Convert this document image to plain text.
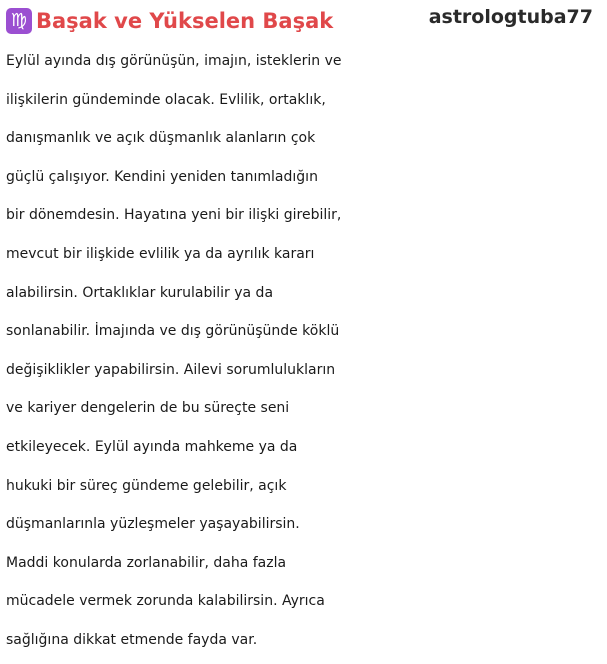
♍ Başak ve Yükselen Başak	astrologtuba77
Eylül ayında dış görünüşün, imajın, isteklerin ve
ilişkilerin gündeminde olacak. Evlilik, ortaklık,
danışmanlık ve açık düşmanlık alanların çok
güçlü çalışıyor. Kendini yeniden tanımladığın
bir dönemdesin. Hayatına yeni bir ilişki girebilir,
mevcut bir ilişkide evlilik ya da ayrılık kararı
alabilirsin. Ortaklıklar kurulabilir ya da
sonlanabilir. İmajında ve dış görünüşünde köklü
değişiklikler yapabilirsin. Ailevi sorumlulukların
ve kariyer dengelerin de bu süreçte seni
etkileyecek. Eylül ayında mahkeme ya da
hukuki bir süreç gündeme gelebilir, açık
düşmanlarınla yüzleşmeler yaşayabilirsin.
Maddi konularda zorlanabilir, daha fazla
mücadele vermek zorunda kalabilirsin. Ayrıca
sağlığına dikkat etmende fayda var.
